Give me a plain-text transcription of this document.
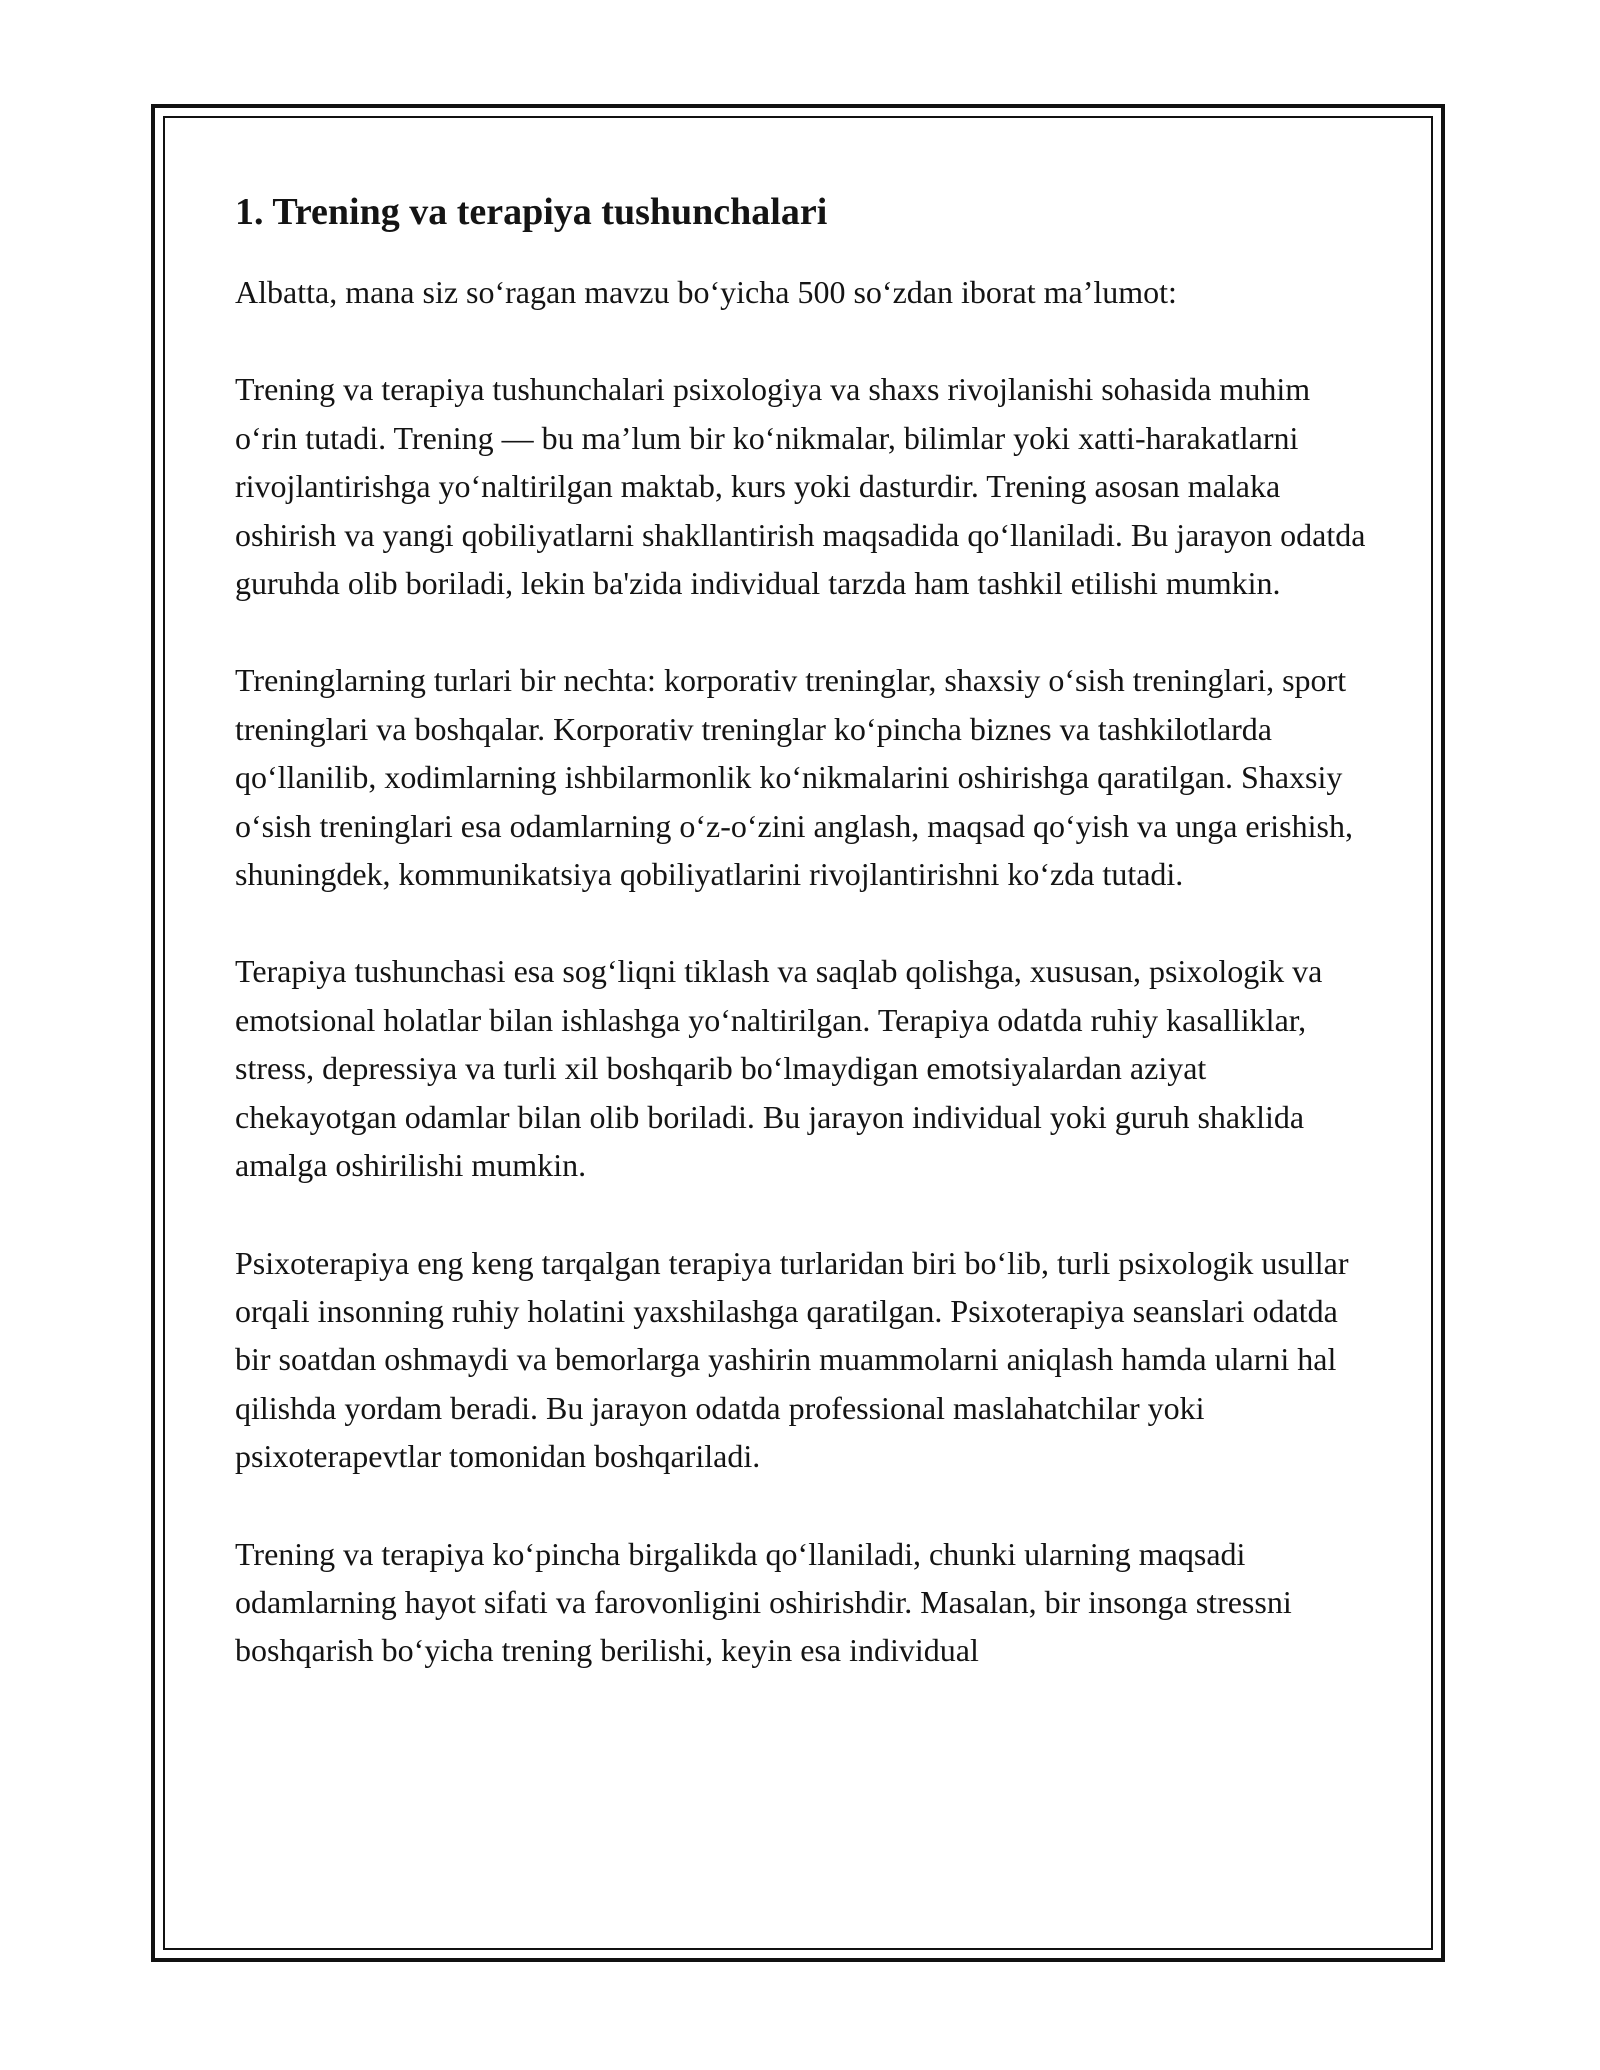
1. Trening va terapiya tushunchalari

Albatta, mana siz so‘ragan mavzu bo‘yicha 500 so‘zdan iborat ma’lumot:

Trening va terapiya tushunchalari psixologiya va shaxs rivojlanishi sohasida muhim o‘rin tutadi. Trening — bu ma’lum bir ko‘nikmalar, bilimlar yoki xatti-harakatlarni rivojlantirishga yo‘naltirilgan maktab, kurs yoki dasturdir. Trening asosan malaka oshirish va yangi qobiliyatlarni shakllantirish maqsadida qo‘llaniladi. Bu jarayon odatda guruhda olib boriladi, lekin ba'zida individual tarzda ham tashkil etilishi mumkin.

Treninglarning turlari bir nechta: korporativ treninglar, shaxsiy o‘sish treninglari, sport treninglari va boshqalar. Korporativ treninglar ko‘pincha biznes va tashkilotlarda qo‘llanilib, xodimlarning ishbilarmonlik ko‘nikmalarini oshirishga qaratilgan. Shaxsiy o‘sish treninglari esa odamlarning o‘z-o‘zini anglash, maqsad qo‘yish va unga erishish, shuningdek, kommunikatsiya qobiliyatlarini rivojlantirishni ko‘zda tutadi.

Terapiya tushunchasi esa sog‘liqni tiklash va saqlab qolishga, xususan, psixologik va emotsional holatlar bilan ishlashga yo‘naltirilgan. Terapiya odatda ruhiy kasalliklar, stress, depressiya va turli xil boshqarib bo‘lmaydigan emotsiyalardan aziyat chekayotgan odamlar bilan olib boriladi. Bu jarayon individual yoki guruh shaklida amalga oshirilishi mumkin.

Psixoterapiya eng keng tarqalgan terapiya turlaridan biri bo‘lib, turli psixologik usullar orqali insonning ruhiy holatini yaxshilashga qaratilgan. Psixoterapiya seanslari odatda bir soatdan oshmaydi va bemorlarga yashirin muammolarni aniqlash hamda ularni hal qilishda yordam beradi. Bu jarayon odatda professional maslahatchilar yoki psixoterapevtlar tomonidan boshqariladi.

Trening va terapiya ko‘pincha birgalikda qo‘llaniladi, chunki ularning maqsadi odamlarning hayot sifati va farovonligini oshirishdir. Masalan, bir insonga stressni boshqarish bo‘yicha trening berilishi, keyin esa individual
